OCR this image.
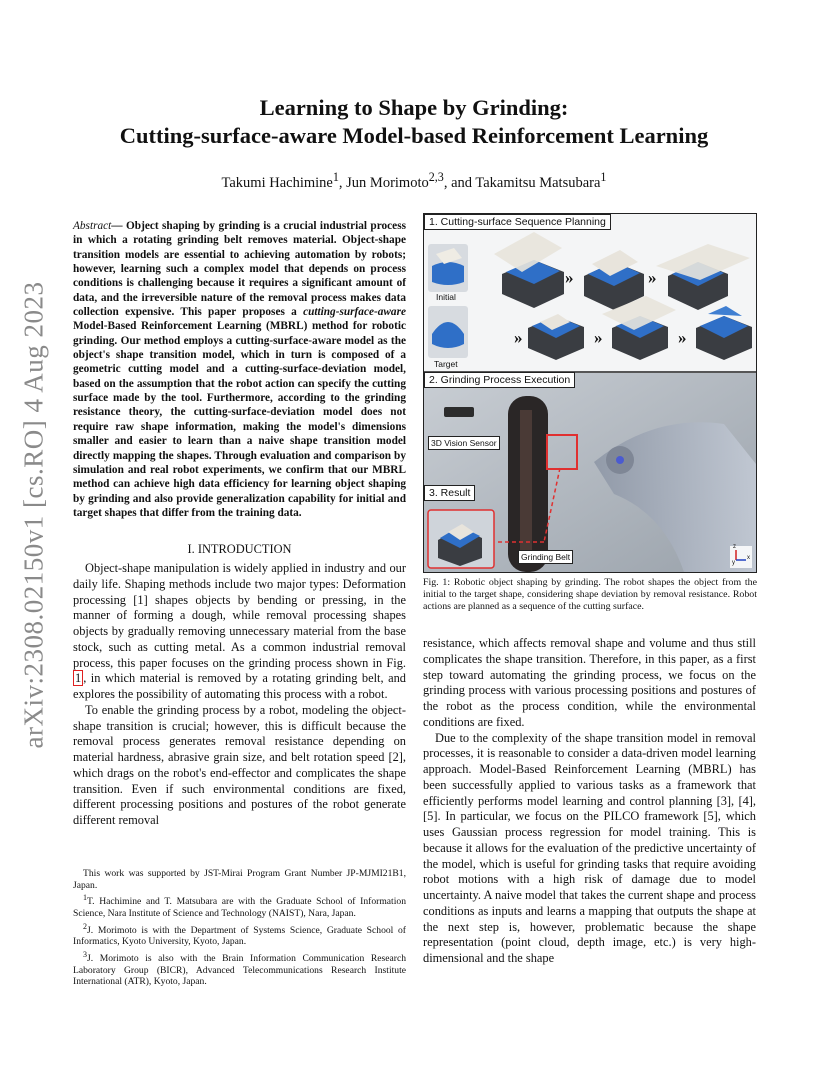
arXiv:2308.02150v1 [cs.RO] 4 Aug 2023
Learning to Shape by Grinding:
Cutting-surface-aware Model-based Reinforcement Learning
Takumi Hachimine$^1$, Jun Morimoto$^{2,3}$, and Takamitsu Matsubara$^1$
Abstract— Object shaping by grinding is a crucial industrial process in which a rotating grinding belt removes material. Object-shape transition models are essential to achieving automation by robots; however, learning such a complex model that depends on process conditions is challenging because it requires a significant amount of data, and the irreversible nature of the removal process makes data collection expensive. This paper proposes a cutting-surface-aware Model-Based Reinforcement Learning (MBRL) method for robotic grinding. Our method employs a cutting-surface-aware model as the object's shape transition model, which in turn is composed of a geometric cutting model and a cutting-surface-deviation model, based on the assumption that the robot action can specify the cutting surface made by the tool. Furthermore, according to the grinding resistance theory, the cutting-surface-deviation model does not require raw shape information, making the model's dimensions smaller and easier to learn than a naive shape transition model directly mapping the shapes. Through evaluation and comparison by simulation and real robot experiments, we confirm that our MBRL method can achieve high data efficiency for learning object shaping by grinding and also provide generalization capability for initial and target shapes that differ from the training data.
I. INTRODUCTION

Object-shape manipulation is widely applied in industry and our daily life. Shaping methods include two major types: Deformation processing [1] shapes objects by bending or pressing, in the manner of forming a dough, while removal processing shapes objects by gradually removing unnecessary material from the base stock, such as cutting metal. As a common industrial removal process, this paper focuses on the grinding process shown in Fig. 1 , in which material is removed by a rotating grinding belt, and explores the possibility of automating this process with a robot.

To enable the grinding process by a robot, modeling the object-shape transition is crucial; however, this is difficult because the removal process generates removal resistance depending on material hardness, abrasive grain size, and belt rotation speed [2], which drags on the robot's end-effector and complicates the shape transition. Even if such environmental conditions are fixed, different processing positions and postures of the robot generate different removal

This work was supported by JST-Mirai Program Grant Number JP-MJMI21B1, Japan.

$^1$T. Hachimine and T. Matsubara are with the Graduate School of Information Science, Nara Institute of Science and Technology (NAIST), Nara, Japan.

$^2$J. Morimoto is with the Department of Systems Science, Graduate School of Informatics, Kyoto University, Kyoto, Japan.

$^3$J. Morimoto is also with the Brain Information Communication Research Laboratory Group (BICR), Advanced Telecommunications Research Institute International (ATR), Kyoto, Japan.

1. Cutting-surface Sequence Planning
2. Grinding Process Execution
3. Result
Initial
Target
»	»
»	»	»
3D Vision Sensor
Grinding Belt
z
y
x
Fig. 1: Robotic object shaping by grinding. The robot shapes the object from the initial to the target shape, considering shape deviation by removal resistance. Robot actions are planned as a sequence of the cutting surface.

resistance, which affects removal shape and volume and thus still complicates the shape transition. Therefore, in this paper, as a first step toward automating the grinding process, we focus on the grinding process with various processing positions and postures of the robot as the process condition, while the environmental conditions are fixed.

Due to the complexity of the shape transition model in removal processes, it is reasonable to consider a data-driven model learning approach. Model-Based Reinforcement Learning (MBRL) has been successfully applied to various tasks as a framework that efficiently performs model learning and control planning [3], [4], [5]. In particular, we focus on the PILCO framework [5], which uses Gaussian process regression for model training. This is because it allows for the evaluation of the predictive uncertainty of the model, which is useful for grinding tasks that require avoiding robot motions with a high risk of damage due to model uncertainty. A naive model that takes the current shape and process conditions as inputs and learns a mapping that outputs the shape at the next step is, however, problematic because the shape representation (point cloud, depth image, etc.) is very high-dimensional and the shape
